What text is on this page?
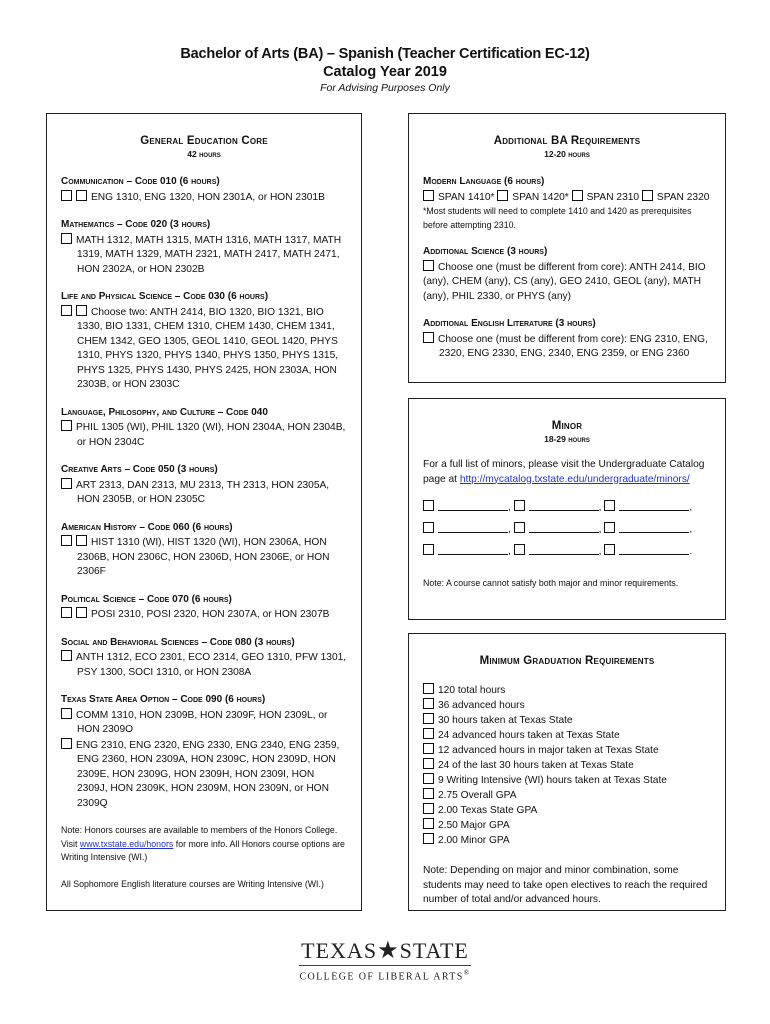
Bachelor of Arts (BA) – Spanish (Teacher Certification EC-12)
Catalog Year 2019
For Advising Purposes Only
General Education Core
42 hours
Communication – Code 010 (6 hours)
ENG 1310, ENG 1320, HON 2301A, or HON 2301B
Mathematics – Code 020 (3 hours)
MATH 1312, MATH 1315, MATH 1316, MATH 1317, MATH 1319, MATH 1329, MATH 2321, MATH 2417, MATH 2471, HON 2302A, or HON 2302B
Life and Physical Science – Code 030 (6 hours)
Choose two: ANTH 2414, BIO 1320, BIO 1321, BIO 1330, BIO 1331, CHEM 1310, CHEM 1430, CHEM 1341, CHEM 1342, GEO 1305, GEOL 1410, GEOL 1420, PHYS 1310, PHYS 1320, PHYS 1340, PHYS 1350, PHYS 1315, PHYS 1325, PHYS 1430, PHYS 2425, HON 2303A, HON 2303B, or HON 2303C
Language, Philosophy, and Culture – Code 040
PHIL 1305 (WI), PHIL 1320 (WI), HON 2304A, HON 2304B, or HON 2304C
Creative Arts – Code 050 (3 hours)
ART 2313, DAN 2313, MU 2313, TH 2313, HON 2305A, HON 2305B, or HON 2305C
American History – Code 060 (6 hours)
HIST 1310 (WI), HIST 1320 (WI), HON 2306A, HON 2306B, HON 2306C, HON 2306D, HON 2306E, or HON 2306F
Political Science – Code 070 (6 hours)
POSI 2310, POSI 2320, HON 2307A, or HON 2307B
Social and Behavioral Sciences – Code 080 (3 hours)
ANTH 1312, ECO 2301, ECO 2314, GEO 1310, PFW 1301, PSY 1300, SOCI 1310, or HON 2308A
Texas State Area Option – Code 090 (6 hours)
COMM 1310, HON 2309B, HON 2309F, HON 2309L, or HON 2309O
ENG 2310, ENG 2320, ENG 2330, ENG 2340, ENG 2359, ENG 2360, HON 2309A, HON 2309C, HON 2309D, HON 2309E, HON 2309G, HON 2309H, HON 2309I, HON 2309J, HON 2309K, HON 2309M, HON 2309N, or HON 2309Q
Note: Honors courses are available to members of the Honors College. Visit www.txstate.edu/honors for more info. All Honors course options are Writing Intensive (WI.)
All Sophomore English literature courses are Writing Intensive (WI.)
Additional BA Requirements
12-20 hours
Modern Language (6 hours)
SPAN 1410* SPAN 1420* SPAN 2310 SPAN 2320
*Most students will need to complete 1410 and 1420 as prerequisites before attempting 2310.
Additional Science (3 hours)
Choose one (must be different from core): ANTH 2414, BIO (any), CHEM (any), CS (any), GEO 2410, GEOL (any), MATH (any), PHIL 2330, or PHYS (any)
Additional English Literature (3 hours)
Choose one (must be different from core): ENG 2310, ENG, 2320, ENG 2330, ENG, 2340, ENG 2359, or ENG 2360
Minor
18-29 hours
For a full list of minors, please visit the Undergraduate Catalog page at http://mycatalog.txstate.edu/undergraduate/minors/
,	,	,
,	,	,
,	,	.
Note: A course cannot satisfy both major and minor requirements.
Minimum Graduation Requirements
120 total hours
36 advanced hours
30 hours taken at Texas State
24 advanced hours taken at Texas State
12 advanced hours in major taken at Texas State
24 of the last 30 hours taken at Texas State
9 Writing Intensive (WI) hours taken at Texas State
2.75 Overall GPA
2.00 Texas State GPA
2.50 Major GPA
2.00 Minor GPA
Note: Depending on major and minor combination, some students may need to take open electives to reach the required number of total and/or advanced hours.
TEXAS★STATE
COLLEGE OF LIBERAL ARTS®
